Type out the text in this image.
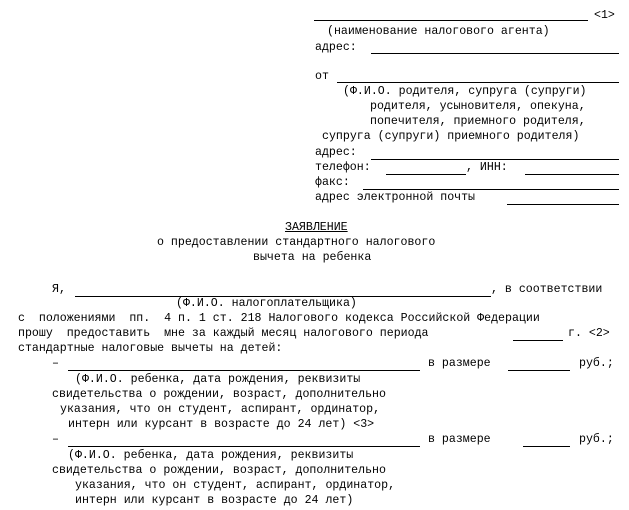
<1>
(наименование налогового агента)
адрес:
от
(Ф.И.О. родителя, супруга (супруги)
родителя, усыновителя, опекуна,
попечителя, приемного родителя,
супруга (супруги) приемного родителя)
адрес:
телефон:	, ИНН:
факс:
адрес электронной почты
ЗАЯВЛЕНИЕ
о предоставлении стандартного налогового
вычета на ребенка
Я,	, в соответствии
(Ф.И.О. налогоплательщика)
с  положениями  пп.  4 п. 1 ст. 218 Налогового кодекса Российской Федерации
прошу  предоставить  мне за каждый месяц налогового периода	г. <2>
стандартные налоговые вычеты на детей:
–	в размере	руб.;
(Ф.И.О. ребенка, дата рождения, реквизиты
свидетельства о рождении, возраст, дополнительно
указания, что он студент, аспирант, ординатор,
интерн или курсант в возрасте до 24 лет) <3>
–	в размере	руб.;
(Ф.И.О. ребенка, дата рождения, реквизиты
свидетельства о рождении, возраст, дополнительно
указания, что он студент, аспирант, ординатор,
интерн или курсант в возрасте до 24 лет)
